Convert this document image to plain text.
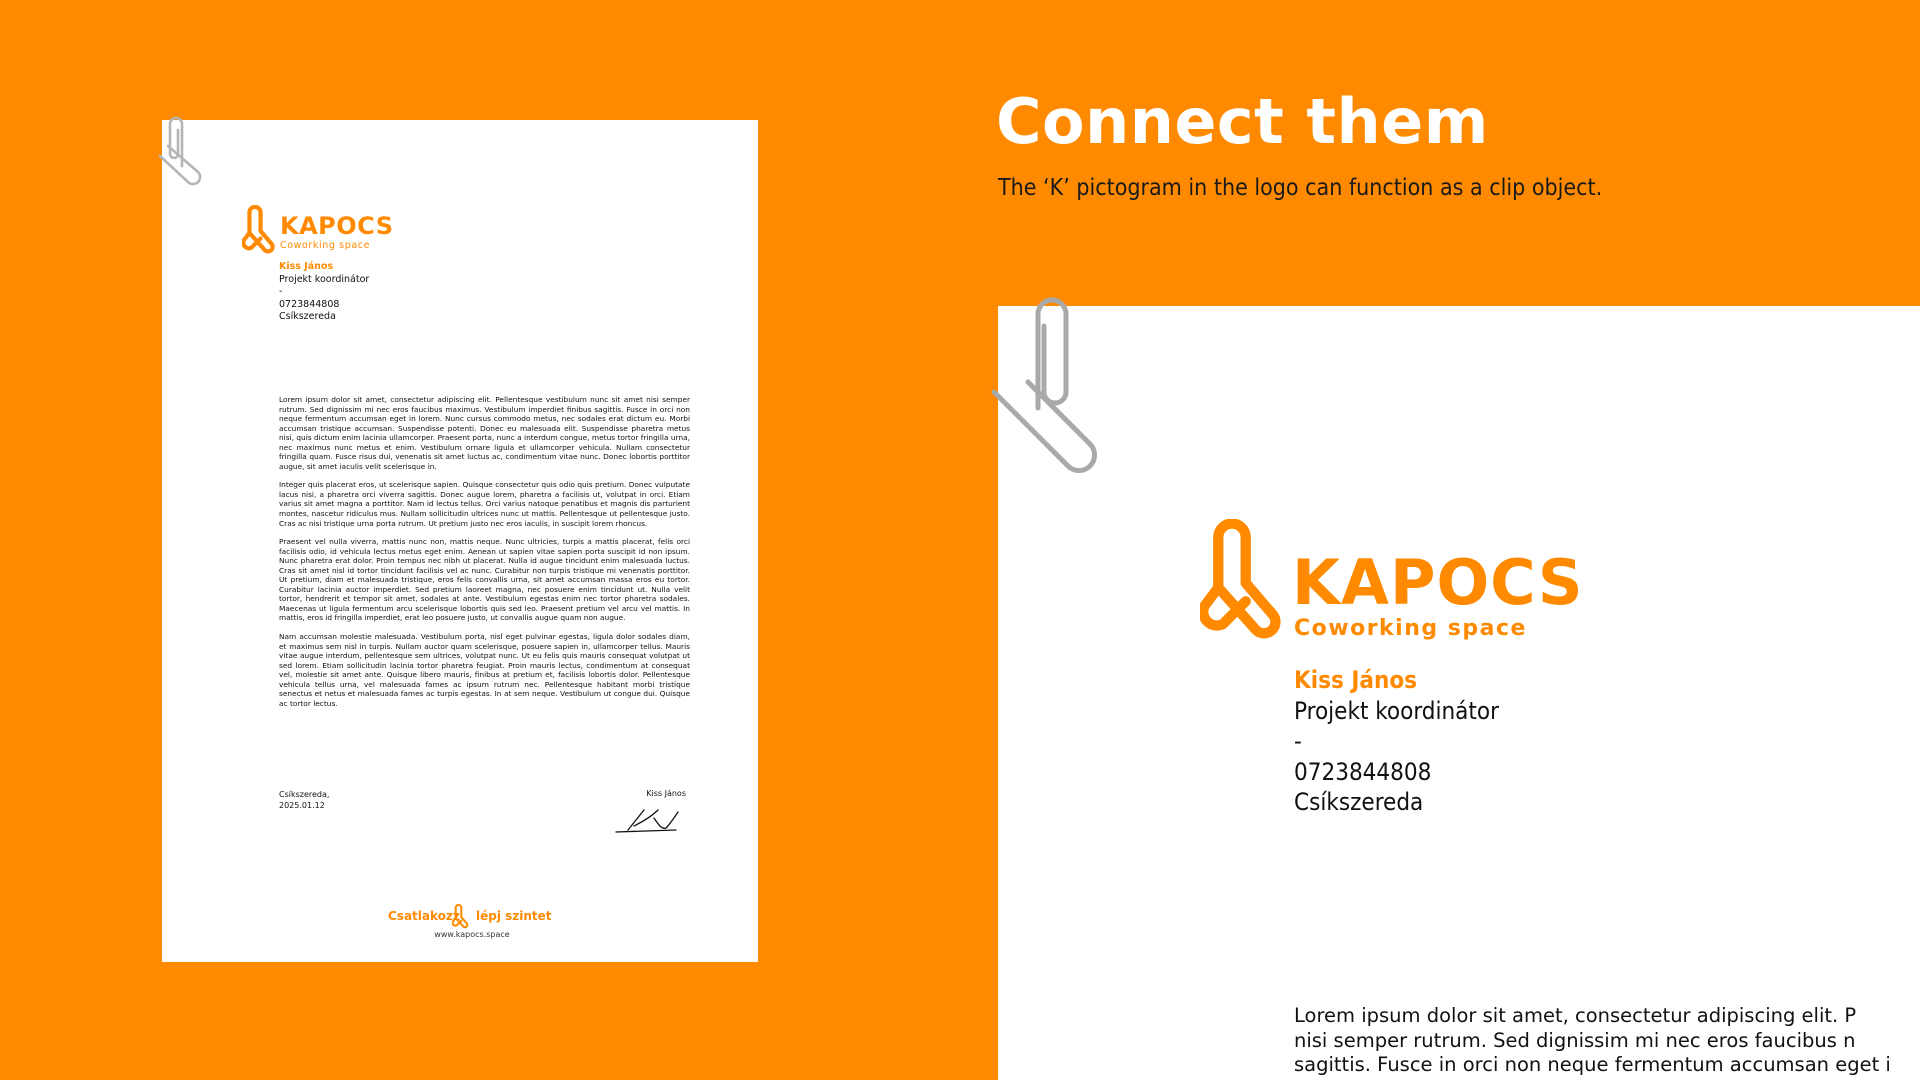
Connect them

The ‘K’ pictogram in the logo can function as a clip object.

KAPOCS
Coworking space
Kiss János
Projekt koordinátor
-
0723844808
Csíkszereda

Lorem ipsum dolor sit amet, consectetur adipiscing elit. Pellentesque vestibulum nunc sit amet nisi semper rutrum. Sed dignissim mi nec eros faucibus maximus. Vestibulum imperdiet finibus sagittis. Fusce in orci non neque fermentum accumsan eget in lorem. Nunc cursus commodo metus, nec sodales erat dictum eu. Morbi accumsan tristique accumsan. Suspendisse potenti. Donec eu malesuada elit. Suspendisse pharetra metus nisi, quis dictum enim lacinia ullamcorper. Praesent porta, nunc a interdum congue, metus tortor fringilla urna, nec maximus nunc metus et enim. Vestibulum ornare ligula et ullamcorper vehicula. Nullam consectetur fringilla quam. Fusce risus dui, venenatis sit amet luctus ac, condimentum vitae nunc. Donec lobortis porttitor augue, sit amet iaculis velit scelerisque in.

Integer quis placerat eros, ut scelerisque sapien. Quisque consectetur quis odio quis pretium. Donec vulputate lacus nisi, a pharetra orci viverra sagittis. Donec augue lorem, pharetra a facilisis ut, volutpat in orci. Etiam varius sit amet magna a porttitor. Nam id lectus tellus. Orci varius natoque penatibus et magnis dis parturient montes, nascetur ridiculus mus. Nullam sollicitudin ultrices nunc ut mattis. Pellentesque ut pellentesque justo. Cras ac nisi tristique urna porta rutrum. Ut pretium justo nec eros iaculis, in suscipit lorem rhoncus.

Praesent vel nulla viverra, mattis nunc non, mattis neque. Nunc ultricies, turpis a mattis placerat, felis orci facilisis odio, id vehicula lectus metus eget enim. Aenean ut sapien vitae sapien porta suscipit id non ipsum. Nunc pharetra erat dolor. Proin tempus nec nibh ut placerat. Nulla id augue tincidunt enim malesuada luctus. Cras sit amet nisl id tortor tincidunt facilisis vel ac nunc. Curabitur non turpis tristique mi venenatis porttitor. Ut pretium, diam et malesuada tristique, eros felis convallis urna, sit amet accumsan massa eros eu tortor. Curabitur lacinia auctor imperdiet. Sed pretium laoreet magna, nec posuere enim tincidunt ut. Nulla velit tortor, hendrerit et tempor sit amet, sodales at ante. Vestibulum egestas enim nec tortor pharetra sodales. Maecenas ut ligula fermentum arcu scelerisque lobortis quis sed leo. Praesent pretium vel arcu vel mattis. In mattis, eros id fringilla imperdiet, erat leo posuere justo, ut convallis augue quam non augue.

Nam accumsan molestie malesuada. Vestibulum porta, nisl eget pulvinar egestas, ligula dolor sodales diam, et maximus sem nisl in turpis. Nullam auctor quam scelerisque, posuere sapien in, ullamcorper tellus. Mauris vitae augue interdum, pellentesque sem ultrices, volutpat nunc. Ut eu felis quis mauris consequat volutpat ut sed lorem. Etiam sollicitudin lacinia tortor pharetra feugiat. Proin mauris lectus, condimentum at consequat vel, molestie sit amet ante. Quisque libero mauris, finibus at pretium et, facilisis lobortis dolor. Pellentesque vehicula tellus urna, vel malesuada fames ac ipsum rutrum nec. Pellentesque habitant morbi tristique senectus et netus et malesuada fames ac turpis egestas. In at sem neque. Vestibulum ut congue dui. Quisque ac tortor lectus.

Csíkszereda,
2025.01.12
Kiss János
Csatlakozz lépj szintet
www.kapocs.space
KAPOCS
Coworking space
Kiss János
Projekt koordinátor
-
0723844808
Csíkszereda
Lorem ipsum dolor sit amet, consectetur adipiscing elit. P
nisi semper rutrum. Sed dignissim mi nec eros faucibus n
sagittis. Fusce in orci non neque fermentum accumsan eget i
